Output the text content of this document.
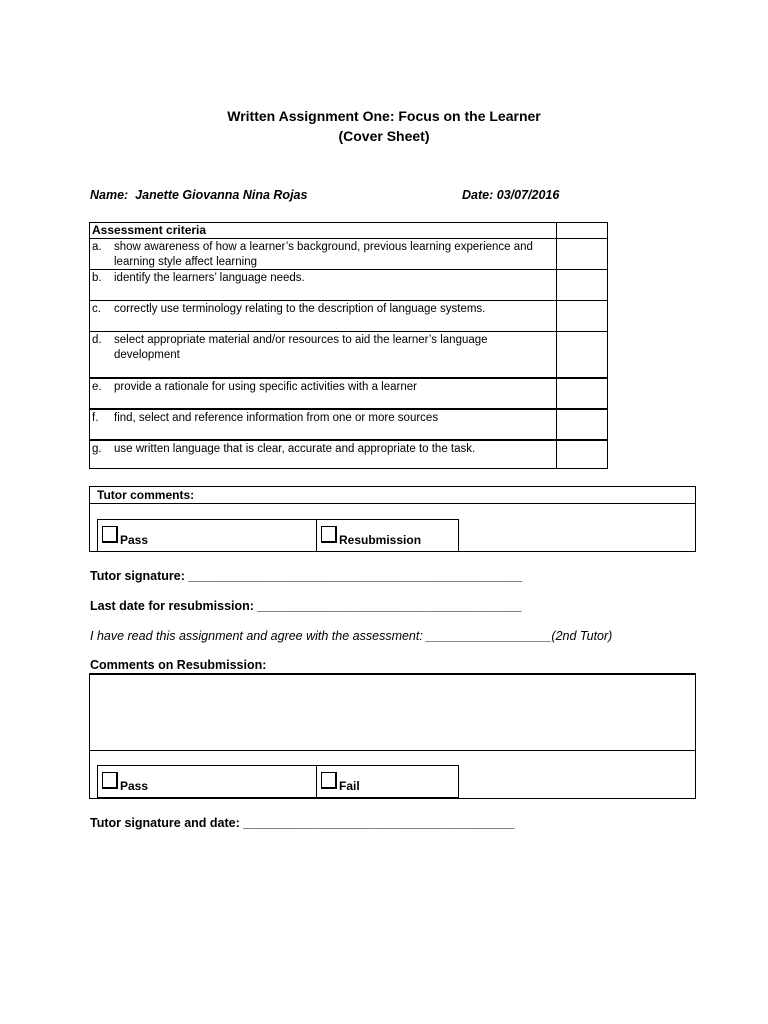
Written Assignment One: Focus on the Learner
(Cover Sheet)
Name: Janette Giovanna Nina Rojas	Date: 03/07/2016
Assessment criteria
a. show awareness of how a learner’s background, previous learning experience and learning style affect learning
b. identify the learners’ language needs.
c. correctly use terminology relating to the description of language systems.
d. select appropriate material and/or resources to aid the learner’s language development
e. provide a rationale for using specific activities with a learner
f. find, select and reference information from one or more sources
g. use written language that is clear, accurate and appropriate to the task.
Tutor comments:
Pass	Resubmission
Tutor signature: ________________________________________________
Last date for resubmission: ______________________________________
I have read this assignment and agree with the assessment: __________________(2nd Tutor)
Comments on Resubmission:
Pass	Fail
Tutor signature and date: _______________________________________
